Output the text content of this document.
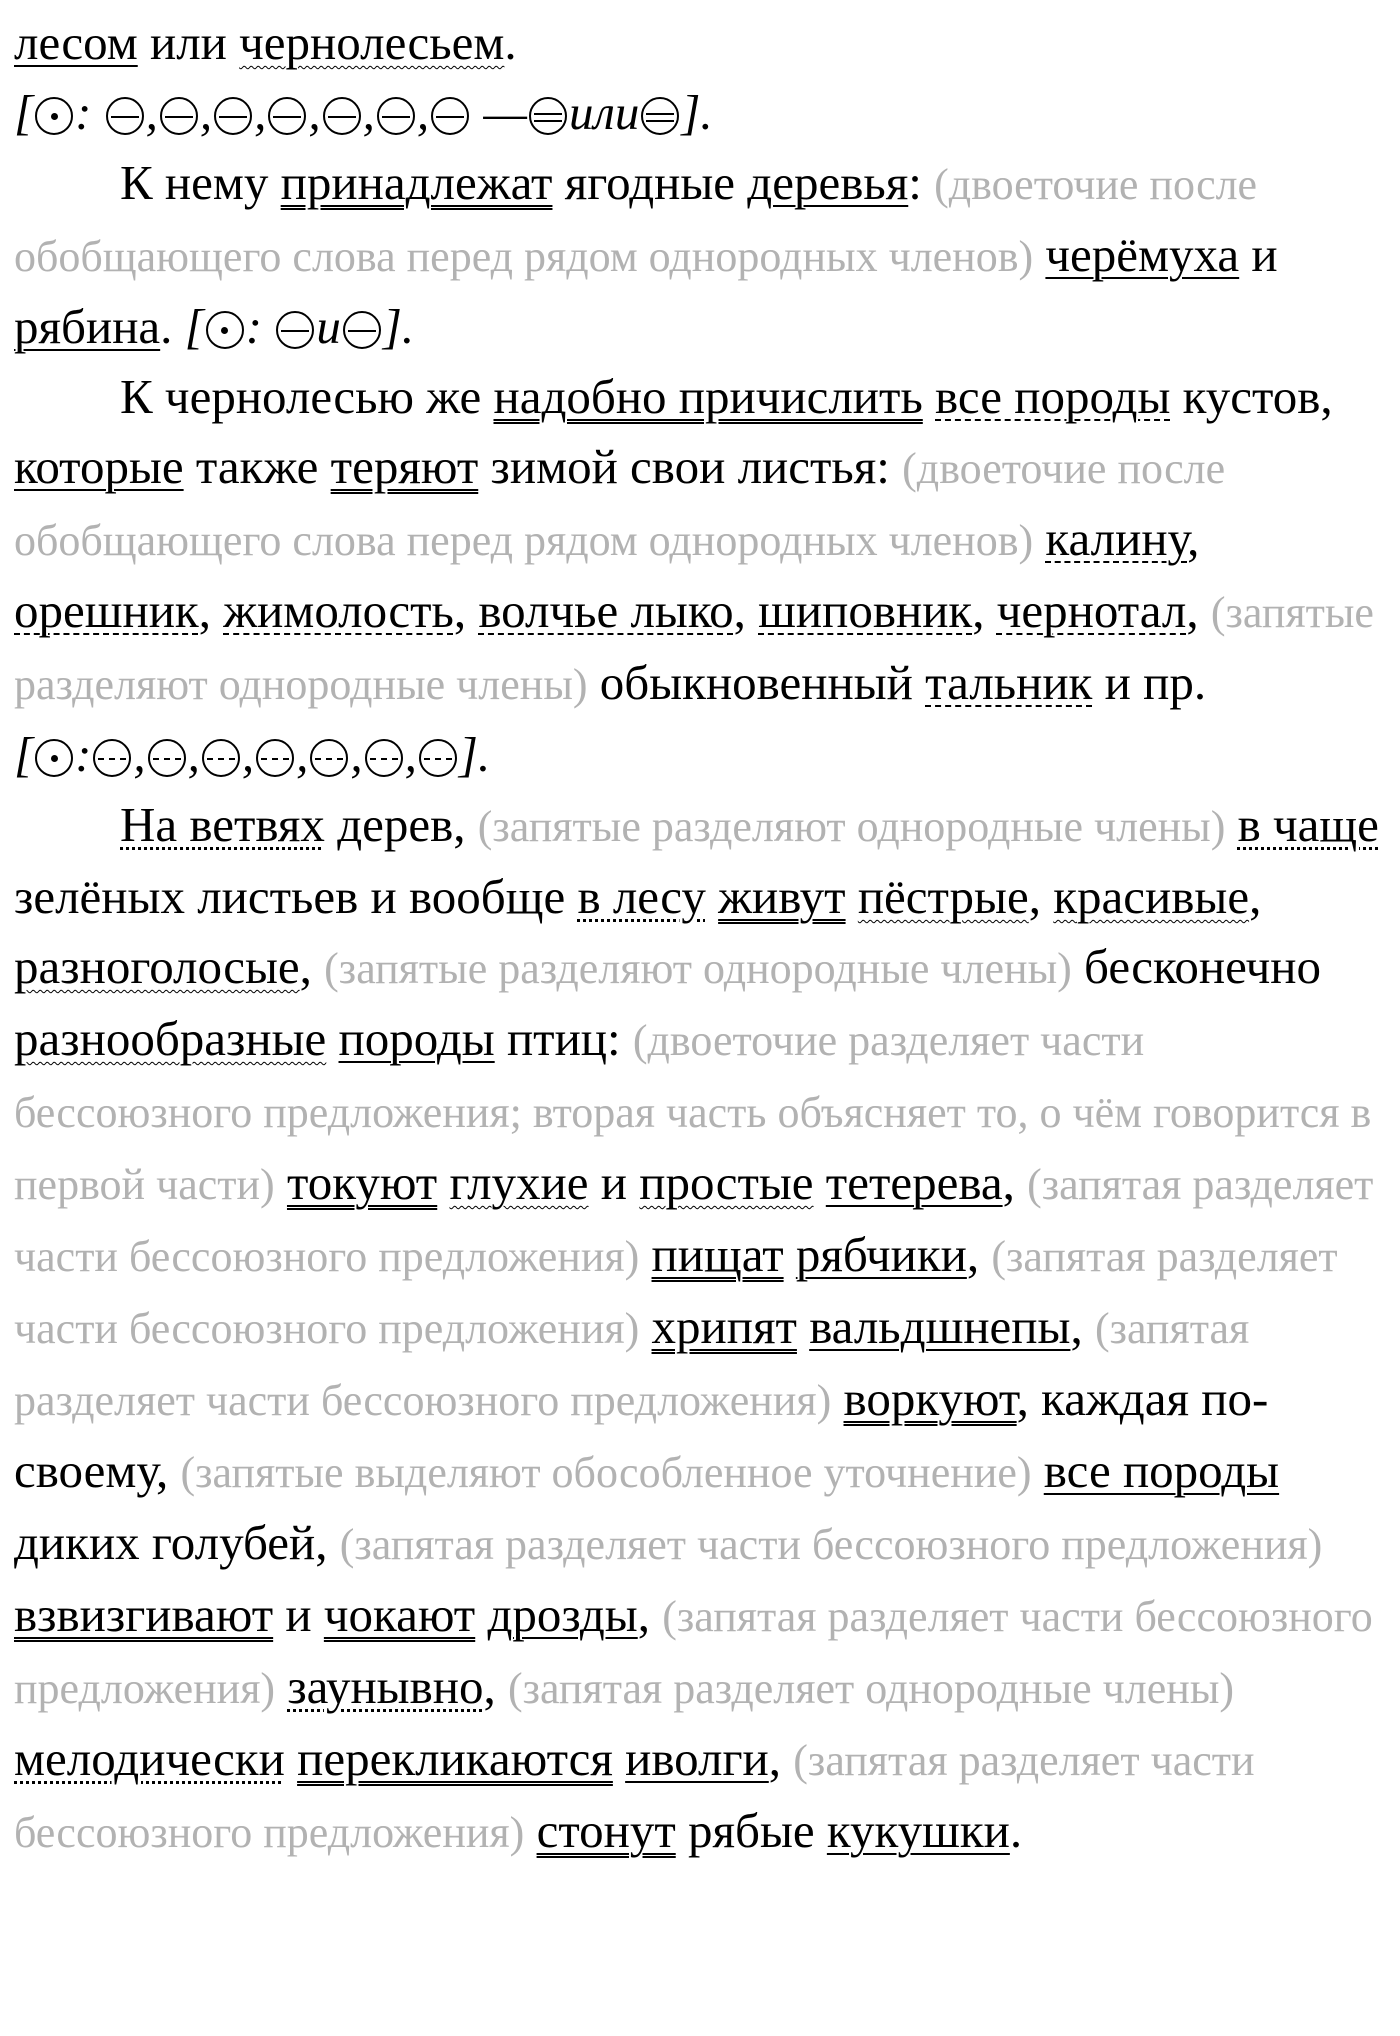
лесом или чернолесьем.

[ : , , , , , , — или ].

К нему принадлежат ягодные деревья: (двоеточие после обобщающего слова перед рядом однородных членов) черёмуха и рябина. [ : и ].

К чернолесью же надобно причислить все породы кустов, которые также теряют зимой свои листья: (двоеточие после обобщающего слова перед рядом однородных членов) калину, орешник, жимолость, волчье лыко, шиповник, чернотал, (запятые разделяют однородные члены) обыкновенный тальник и пр.

[ : , , , , , , ].

На ветвях дерев, (запятые разделяют однородные члены) в чаще зелёных листьев и вообще в лесу живут пёстрые, красивые, разноголосые, (запятые разделяют однородные члены) бесконечно разнообразные породы птиц: (двоеточие разделяет части бессоюзного предложения; вторая часть объясняет то, о чём говорится в первой части) токуют глухие и простые тетерева, (запятая разделяет части бессоюзного предложения) пищат рябчики, (запятая разделяет части бессоюзного предложения) хрипят вальдшнепы, (запятая разделяет части бессоюзного предложения) воркуют, каждая по-своему, (запятые выделяют обособленное уточнение) все породы диких голубей, (запятая разделяет части бессоюзного предложения) взвизгивают и чокают дрозды, (запятая разделяет части бессоюзного предложения) заунывно, (запятая разделяет однородные члены) мелодически перекликаются иволги, (запятая разделяет части бессоюзного предложения) стонут рябые кукушки.
